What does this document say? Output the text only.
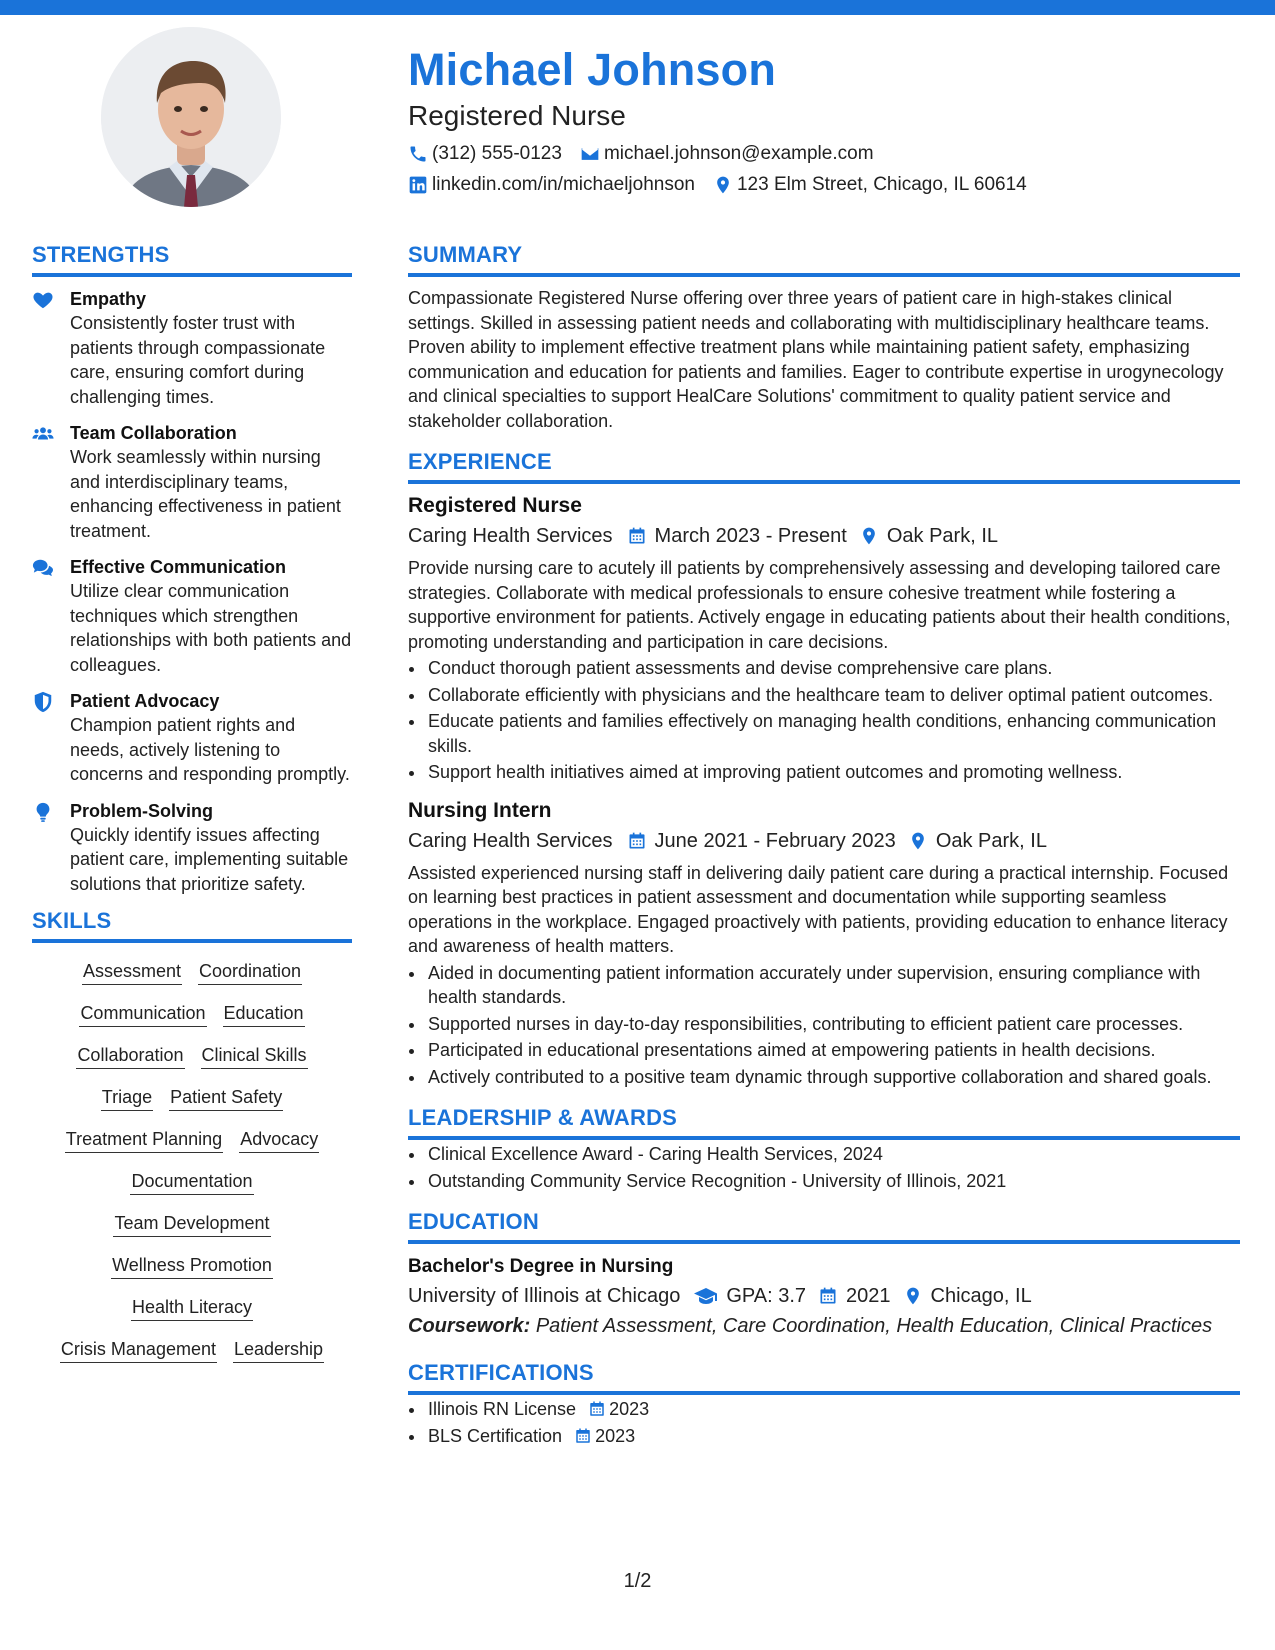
Michael Johnson
Registered Nurse
(312) 555-0123 michael.johnson@example.com
linkedin.com/in/michaeljohnson 123 Elm Street, Chicago, IL 60614
STRENGTHS
Empathy
Consistently foster trust with patients through compassionate care, ensuring comfort during challenging times.
Team Collaboration
Work seamlessly within nursing and interdisciplinary teams, enhancing effectiveness in patient treatment.
Effective Communication
Utilize clear communication techniques which strengthen relationships with both patients and colleagues.
Patient Advocacy
Champion patient rights and needs, actively listening to concerns and responding promptly.
Problem-Solving
Quickly identify issues affecting patient care, implementing suitable solutions that prioritize safety.
SKILLS
Assessment Coordination
Communication Education
Collaboration Clinical Skills
Triage Patient Safety
Treatment Planning Advocacy
Documentation
Team Development
Wellness Promotion
Health Literacy
Crisis Management Leadership
SUMMARY
Compassionate Registered Nurse offering over three years of patient care in high-stakes clinical settings. Skilled in assessing patient needs and collaborating with multidisciplinary healthcare teams. Proven ability to implement effective treatment plans while maintaining patient safety, emphasizing communication and education for patients and families. Eager to contribute expertise in urogynecology and clinical specialties to support HealCare Solutions' commitment to quality patient service and stakeholder collaboration.
EXPERIENCE
Registered Nurse
Caring Health Services March 2023 - Present Oak Park, IL
Provide nursing care to acutely ill patients by comprehensively assessing and developing tailored care strategies. Collaborate with medical professionals to ensure cohesive treatment while fostering a supportive environment for patients. Actively engage in educating patients about their health conditions, promoting understanding and participation in care decisions.
• Conduct thorough patient assessments and devise comprehensive care plans.
• Collaborate efficiently with physicians and the healthcare team to deliver optimal patient outcomes.
• Educate patients and families effectively on managing health conditions, enhancing communication skills.
• Support health initiatives aimed at improving patient outcomes and promoting wellness.
Nursing Intern
Caring Health Services June 2021 - February 2023 Oak Park, IL
Assisted experienced nursing staff in delivering daily patient care during a practical internship. Focused on learning best practices in patient assessment and documentation while supporting seamless operations in the workplace. Engaged proactively with patients, providing education to enhance literacy and awareness of health matters.
• Aided in documenting patient information accurately under supervision, ensuring compliance with health standards.
• Supported nurses in day-to-day responsibilities, contributing to efficient patient care processes.
• Participated in educational presentations aimed at empowering patients in health decisions.
• Actively contributed to a positive team dynamic through supportive collaboration and shared goals.
LEADERSHIP & AWARDS
• Clinical Excellence Award - Caring Health Services, 2024
• Outstanding Community Service Recognition - University of Illinois, 2021
EDUCATION
Bachelor's Degree in Nursing
University of Illinois at Chicago GPA: 3.7 2021 Chicago, IL
Coursework: Patient Assessment, Care Coordination, Health Education, Clinical Practices
CERTIFICATIONS
• Illinois RN License 2023
• BLS Certification 2023
1/2
